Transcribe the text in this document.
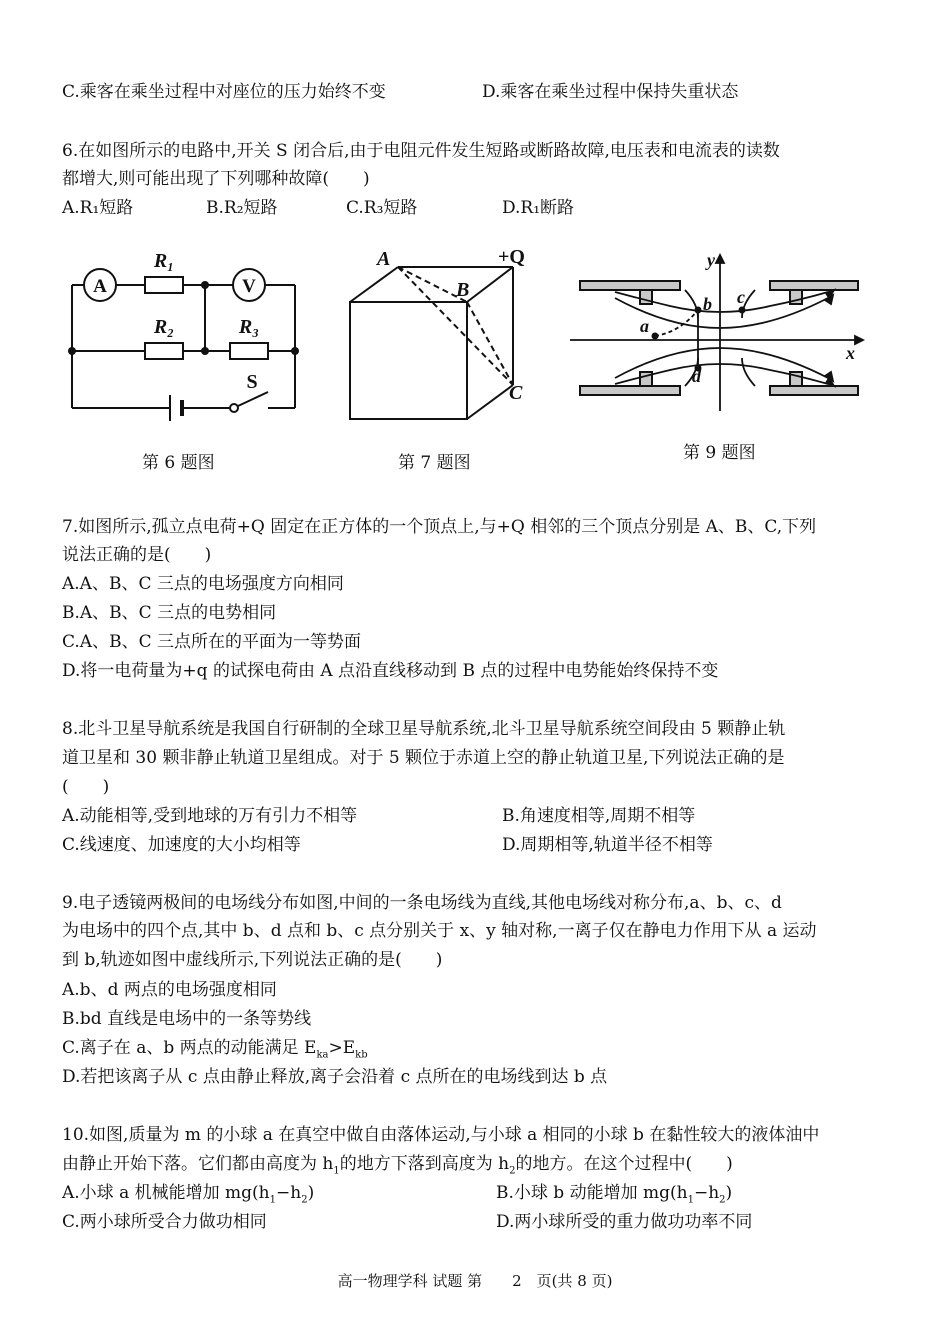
C.乘客在乘坐过程中对座位的压力始终不变	D.乘客在乘坐过程中保持失重状态
6.在如图所示的电路中,开关 S 闭合后,由于电阻元件发生短路或断路故障,电压表和电流表的读数
都增大,则可能出现了下列哪种故障(　　)
A.R₁短路	B.R₂短路	C.R₃短路	D.R₁断路
A	V
R₁
R₂	R₃
S
第 6 题图
A
B
C
+Q
第 7 题图
y
x
a
b c
d
第 9 题图
7.如图所示,孤立点电荷+Q 固定在正方体的一个顶点上,与+Q 相邻的三个顶点分别是 A、B、C,下列
说法正确的是(　　)
A.A、B、C 三点的电场强度方向相同
B.A、B、C 三点的电势相同
C.A、B、C 三点所在的平面为一等势面
D.将一电荷量为+q 的试探电荷由 A 点沿直线移动到 B 点的过程中电势能始终保持不变
8.北斗卫星导航系统是我国自行研制的全球卫星导航系统,北斗卫星导航系统空间段由 5 颗静止轨
道卫星和 30 颗非静止轨道卫星组成。对于 5 颗位于赤道上空的静止轨道卫星,下列说法正确的是
(　　)
A.动能相等,受到地球的万有引力不相等	B.角速度相等,周期不相等
C.线速度、加速度的大小均相等	D.周期相等,轨道半径不相等
9.电子透镜两极间的电场线分布如图,中间的一条电场线为直线,其他电场线对称分布,a、b、c、d
为电场中的四个点,其中 b、d 点和 b、c 点分别关于 x、y 轴对称,一离子仅在静电力作用下从 a 运动
到 b,轨迹如图中虚线所示,下列说法正确的是(　　)
A.b、d 两点的电场强度相同
B.bd 直线是电场中的一条等势线
C.离子在 a、b 两点的动能满足 $E_{ka}>E_{kb}$
D.若把该离子从 c 点由静止释放,离子会沿着 c 点所在的电场线到达 b 点
10.如图,质量为 m 的小球 a 在真空中做自由落体运动,与小球 a 相同的小球 b 在黏性较大的液体油中
由静止开始下落。它们都由高度为 $h_1$的地方下落到高度为 $h_2$的地方。在这个过程中(　　)
A.小球 a 机械能增加 $mg(h_1-h_2)$	B.小球 b 动能增加 $mg(h_1-h_2)$
C.两小球所受合力做功相同	D.两小球所受的重力做功功率不同
高一物理学科 试题 第　　2　页(共 8 页)
